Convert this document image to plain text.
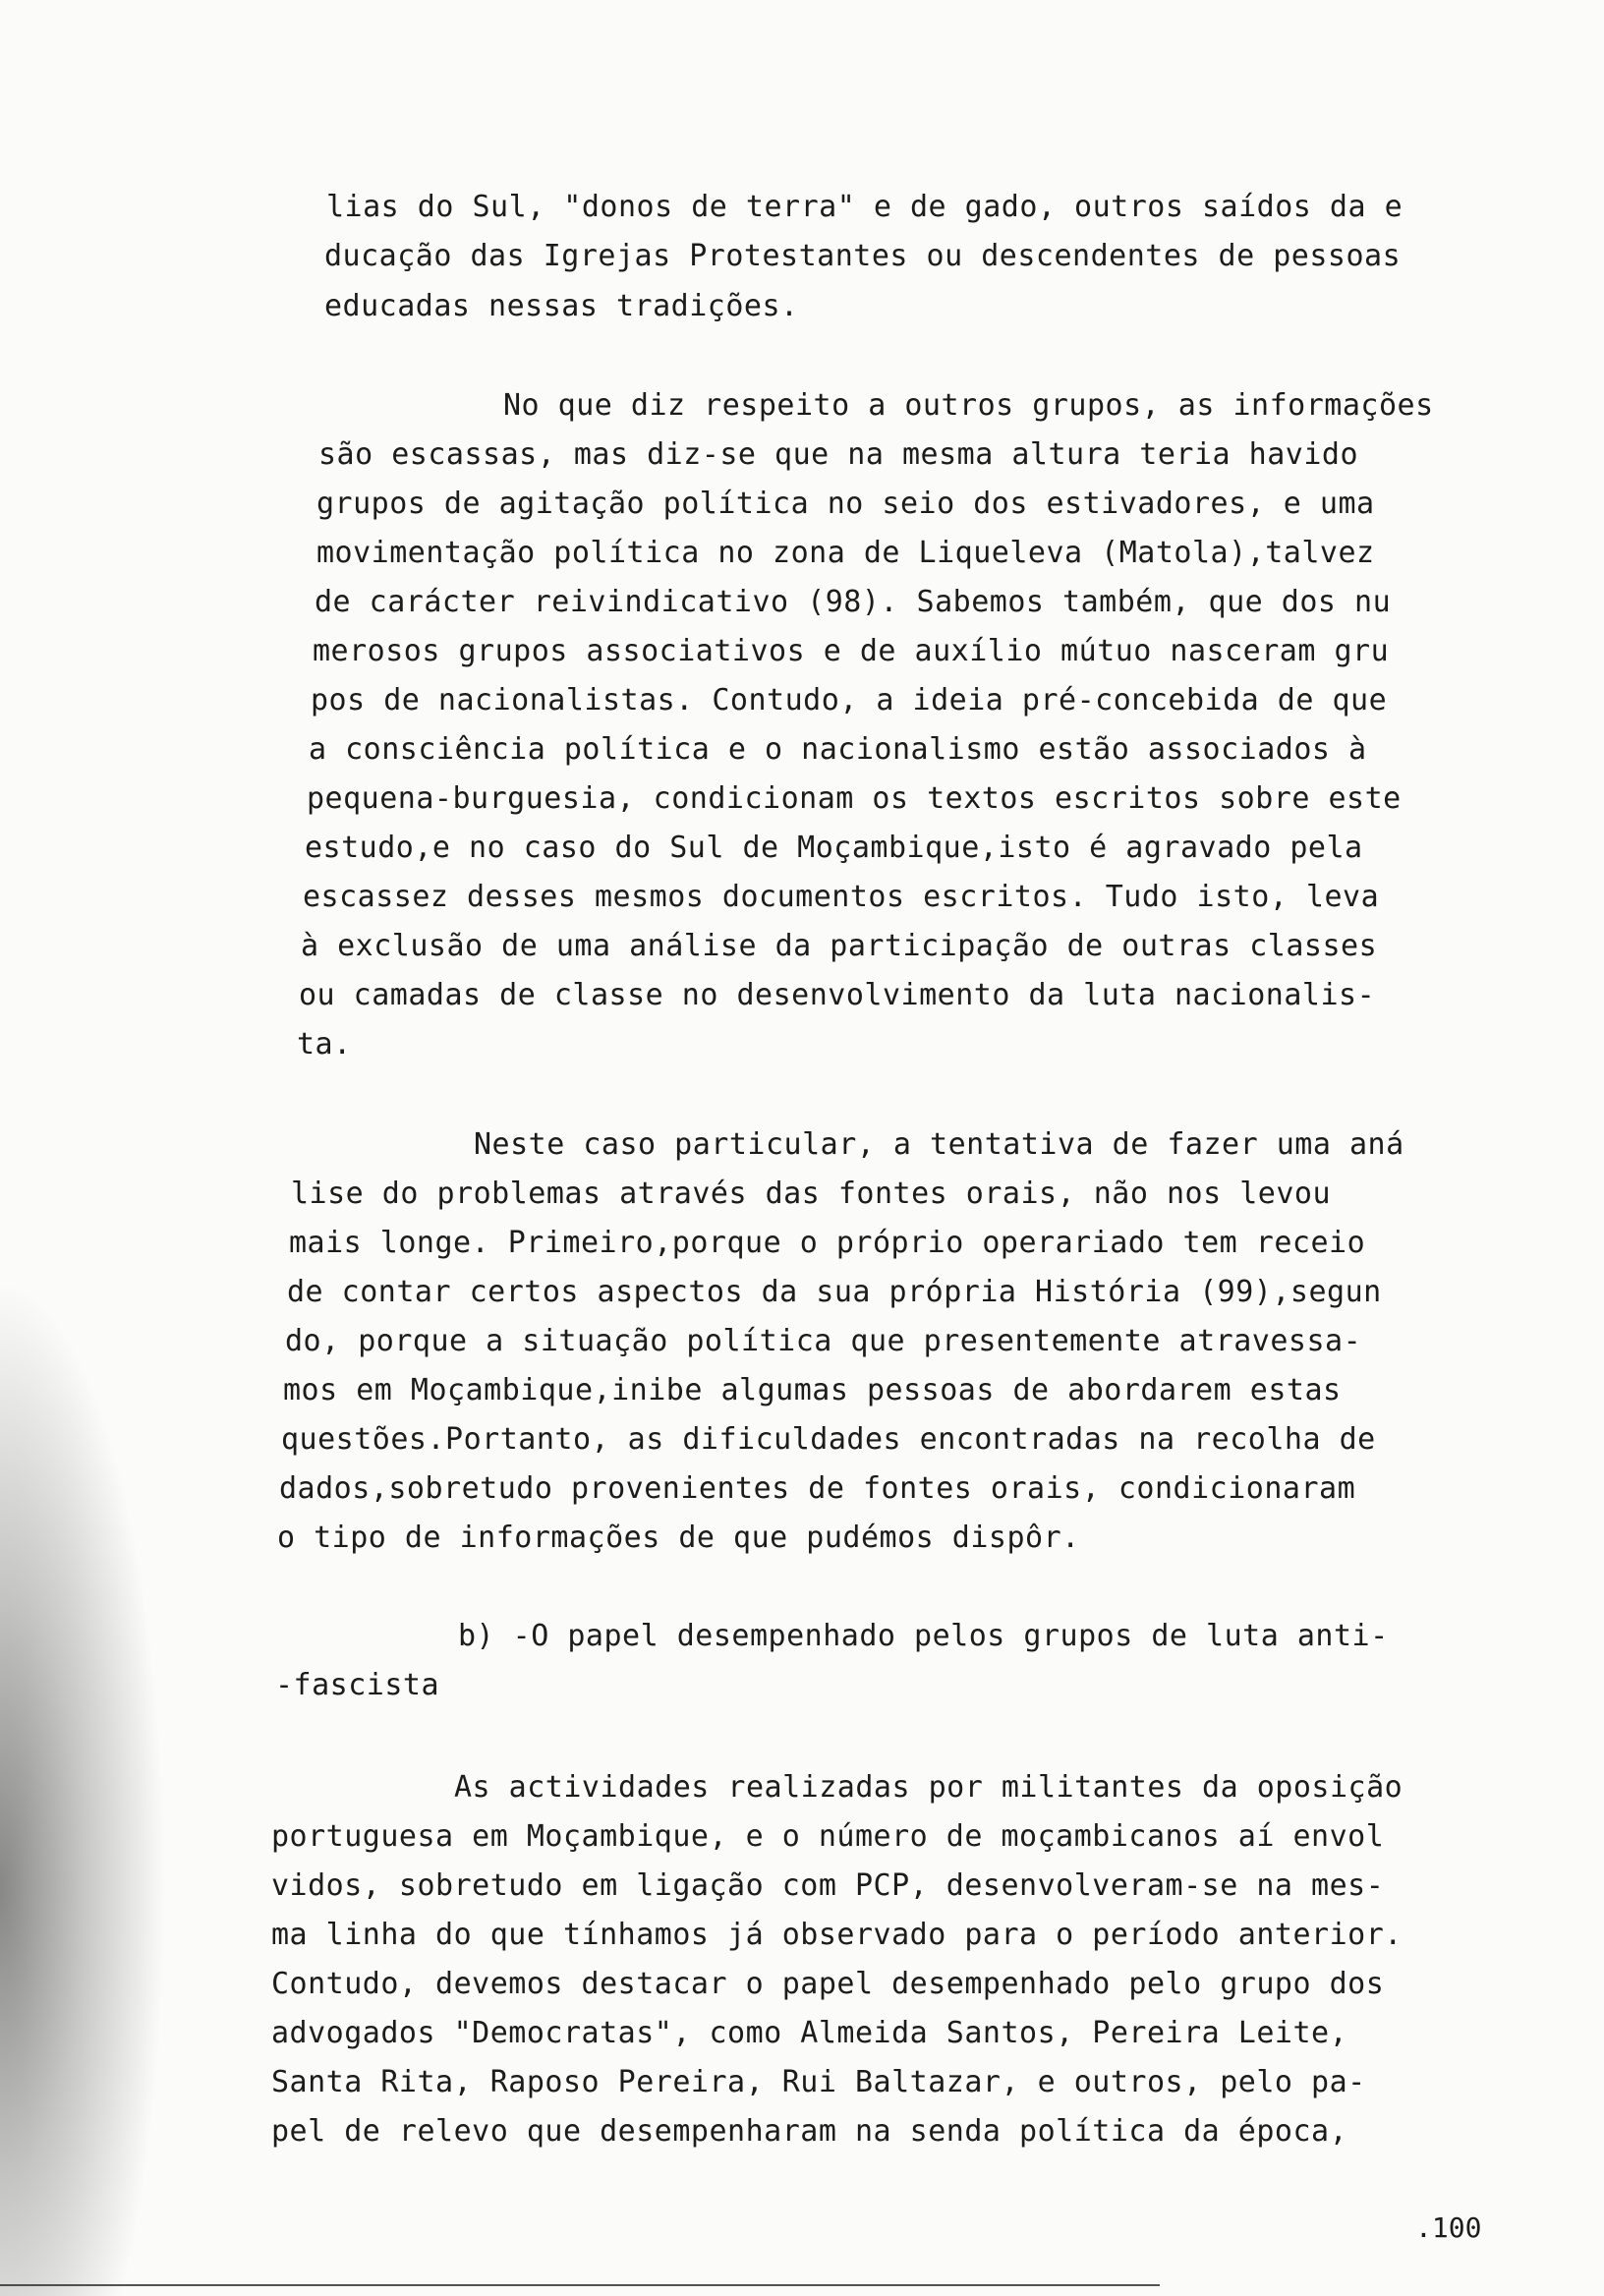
lias do Sul, "donos de terra" e de gado, outros saídos da e
ducação das Igrejas Protestantes ou descendentes de pessoas
educadas nessas tradições.
No que diz respeito a outros grupos, as informações
são escassas, mas diz-se que na mesma altura teria havido
grupos de agitação política no seio dos estivadores, e uma
movimentação política no zona de Liqueleva (Matola),talvez
de carácter reivindicativo (98). Sabemos também, que dos nu
merosos grupos associativos e de auxílio mútuo nasceram gru
pos de nacionalistas. Contudo, a ideia pré-concebida de que
a consciência política e o nacionalismo estão associados à
pequena-burguesia, condicionam os textos escritos sobre este
estudo,e no caso do Sul de Moçambique,isto é agravado pela
escassez desses mesmos documentos escritos. Tudo isto, leva
à exclusão de uma análise da participação de outras classes
ou camadas de classe no desenvolvimento da luta nacionalis-
ta.
Neste caso particular, a tentativa de fazer uma aná
lise do problemas através das fontes orais, não nos levou
mais longe. Primeiro,porque o próprio operariado tem receio
de contar certos aspectos da sua própria História (99),segun
do, porque a situação política que presentemente atravessa-
mos em Moçambique,inibe algumas pessoas de abordarem estas
questões.Portanto, as dificuldades encontradas na recolha de
dados,sobretudo provenientes de fontes orais, condicionaram
o tipo de informações de que pudémos dispôr.
b) -O papel desempenhado pelos grupos de luta anti-
-fascista
As actividades realizadas por militantes da oposição
portuguesa em Moçambique, e o número de moçambicanos aí envol
vidos, sobretudo em ligação com PCP, desenvolveram-se na mes-
ma linha do que tínhamos já observado para o período anterior.
Contudo, devemos destacar o papel desempenhado pelo grupo dos
advogados "Democratas", como Almeida Santos, Pereira Leite,
Santa Rita, Raposo Pereira, Rui Baltazar, e outros, pelo pa-
pel de relevo que desempenharam na senda política da época,
.100
